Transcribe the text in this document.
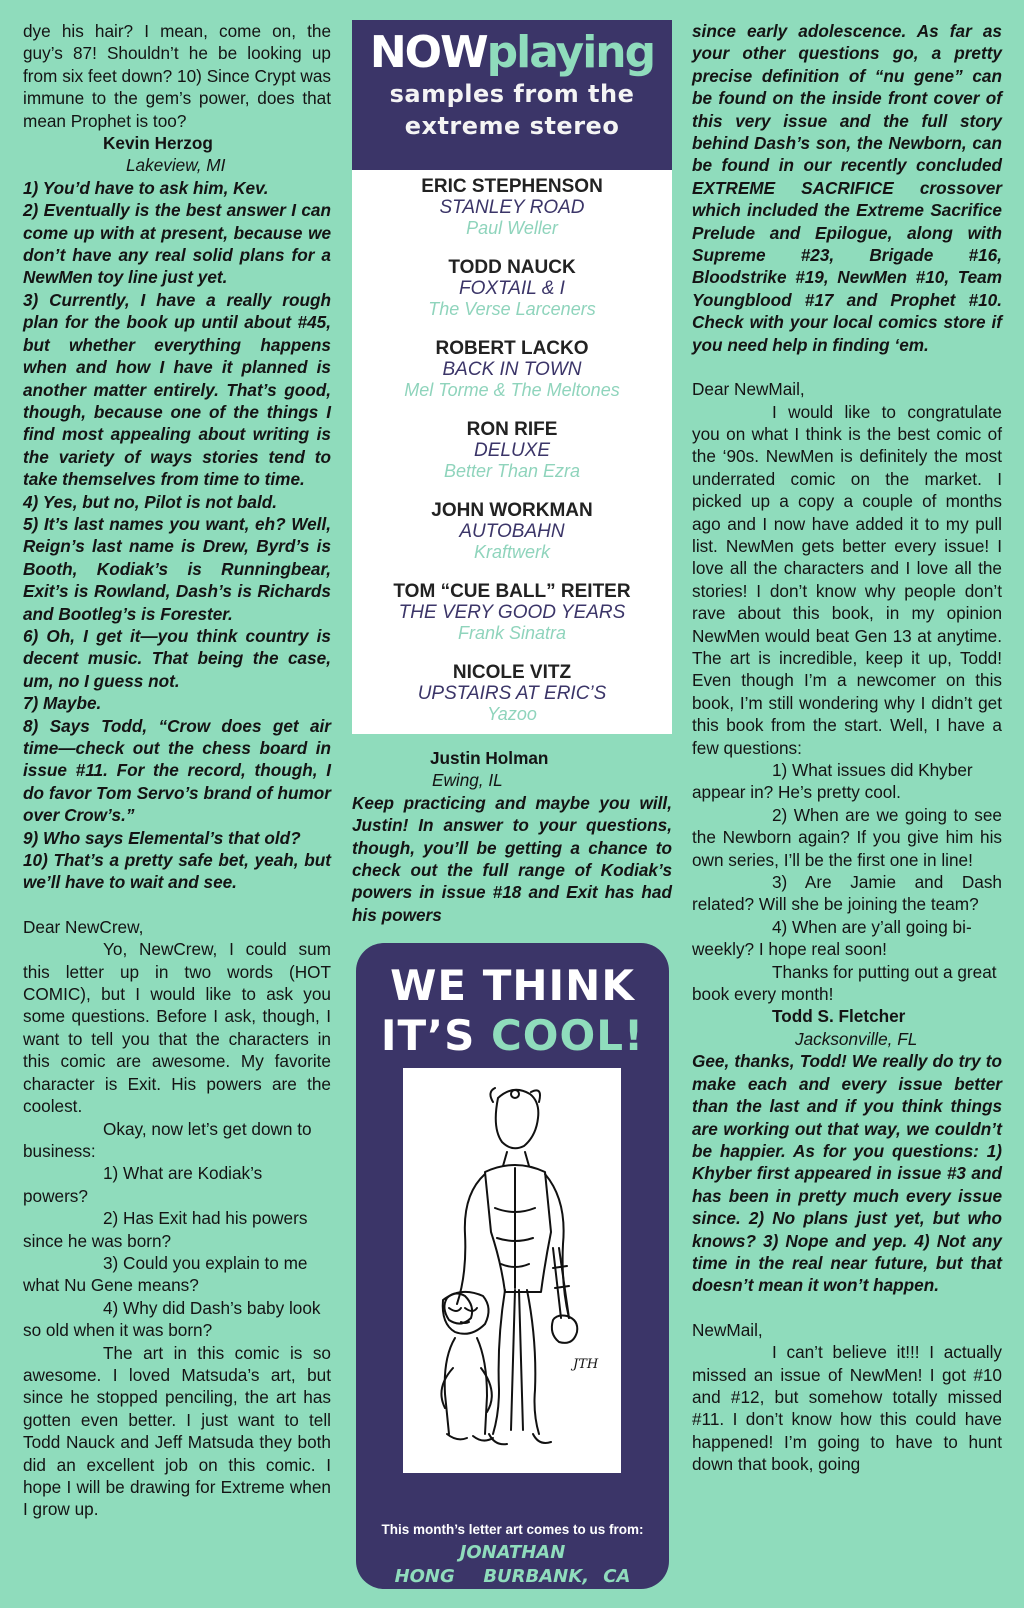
dye his hair? I mean, come on, the guy’s 87! Shouldn’t he be looking up from six feet down? 10) Since Crypt was immune to the gem’s power, does that mean Prophet is too?

Kevin Herzog

Lakeview, MI

1) You’d have to ask him, Kev.

2) Eventually is the best answer I can come up with at present, because we don’t have any real solid plans for a NewMen toy line just yet.

3) Currently, I have a really rough plan for the book up until about #45, but whether everything happens when and how I have it planned is another matter entirely. That’s good, though, because one of the things I find most appealing about writing is the variety of ways stories tend to take themselves from time to time.

4) Yes, but no, Pilot is not bald.

5) It’s last names you want, eh? Well, Reign’s last name is Drew, Byrd’s is Booth, Kodiak’s is Runningbear, Exit’s is Rowland, Dash’s is Richards and Bootleg’s is Forester.

6) Oh, I get it—you think country is decent music. That being the case, um, no I guess not.

7) Maybe.

8) Says Todd, “Crow does get air time—check out the chess board in issue #11. For the record, though, I do favor Tom Servo’s brand of humor over Crow’s.”

9) Who says Elemental’s that old?

10) That’s a pretty safe bet, yeah, but we’ll have to wait and see.

Dear NewCrew,

Yo, NewCrew, I could sum this letter up in two words (HOT COMIC), but I would like to ask you some questions. Before I ask, though, I want to tell you that the characters in this comic are awesome. My favorite character is Exit. His powers are the coolest.

Okay, now let’s get down to business:

1) What are Kodiak’s powers?

2) Has Exit had his powers since he was born?

3) Could you explain to me what Nu Gene means?

4) Why did Dash’s baby look so old when it was born?

The art in this comic is so awesome. I loved Matsuda’s art, but since he stopped penciling, the art has gotten even better. I just want to tell Todd Nauck and Jeff Matsuda they both did an excellent job on this comic. I hope I will be drawing for Extreme when I grow up.

NOWplaying
samples from the
extreme stereo
ERIC STEPHENSON
STANLEY ROAD
Paul Weller
TODD NAUCK
FOXTAIL & I
The Verse Larceners
ROBERT LACKO
BACK IN TOWN
Mel Torme & The Meltones
RON RIFE
DELUXE
Better Than Ezra
JOHN WORKMAN
AUTOBAHN
Kraftwerk
TOM “CUE BALL” REITER
THE VERY GOOD YEARS
Frank Sinatra
NICOLE VITZ
UPSTAIRS AT ERIC’S
Yazoo

Justin Holman

Ewing, IL

Keep practicing and maybe you will, Justin! In answer to your questions, though, you’ll be getting a chance to check out the full range of Kodiak’s powers in issue #18 and Exit has had his powers

WE THINK
IT’S COOL!
JTH
This month’s letter art comes to us from:
JONATHAN HONG BURBANK, CA

since early adolescence. As far as your other questions go, a pretty precise definition of “nu gene” can be found on the inside front cover of this very issue and the full story behind Dash’s son, the Newborn, can be found in our recently concluded EXTREME SACRIFICE crossover which included the Extreme Sacrifice Prelude and Epilogue, along with Supreme #23, Brigade #16, Bloodstrike #19, NewMen #10, Team Youngblood #17 and Prophet #10. Check with your local comics store if you need help in finding ‘em.

Dear NewMail,

I would like to congratulate you on what I think is the best comic of the ‘90s. NewMen is definitely the most underrated comic on the market. I picked up a copy a couple of months ago and I now have added it to my pull list. NewMen gets better every issue! I love all the characters and I love all the stories! I don’t know why people don’t rave about this book, in my opinion NewMen would beat Gen 13 at anytime. The art is incredible, keep it up, Todd! Even though I’m a newcomer on this book, I’m still wondering why I didn’t get this book from the start. Well, I have a few questions:

1) What issues did Khyber appear in? He’s pretty cool.

2) When are we going to see the Newborn again? If you give him his own series, I’ll be the first one in line!

3) Are Jamie and Dash related? Will she be joining the team?

4) When are y’all going bi-weekly? I hope real soon!

Thanks for putting out a great book every month!

Todd S. Fletcher

Jacksonville, FL

Gee, thanks, Todd! We really do try to make each and every issue better than the last and if you think things are working out that way, we couldn’t be happier. As for you questions: 1) Khyber first appeared in issue #3 and has been in pretty much every issue since. 2) No plans just yet, but who knows? 3) Nope and yep. 4) Not any time in the real near future, but that doesn’t mean it won’t happen.

NewMail,

I can’t believe it!!! I actually missed an issue of NewMen! I got #10 and #12, but somehow totally missed #11. I don’t know how this could have happened! I’m going to have to hunt down that book, going
